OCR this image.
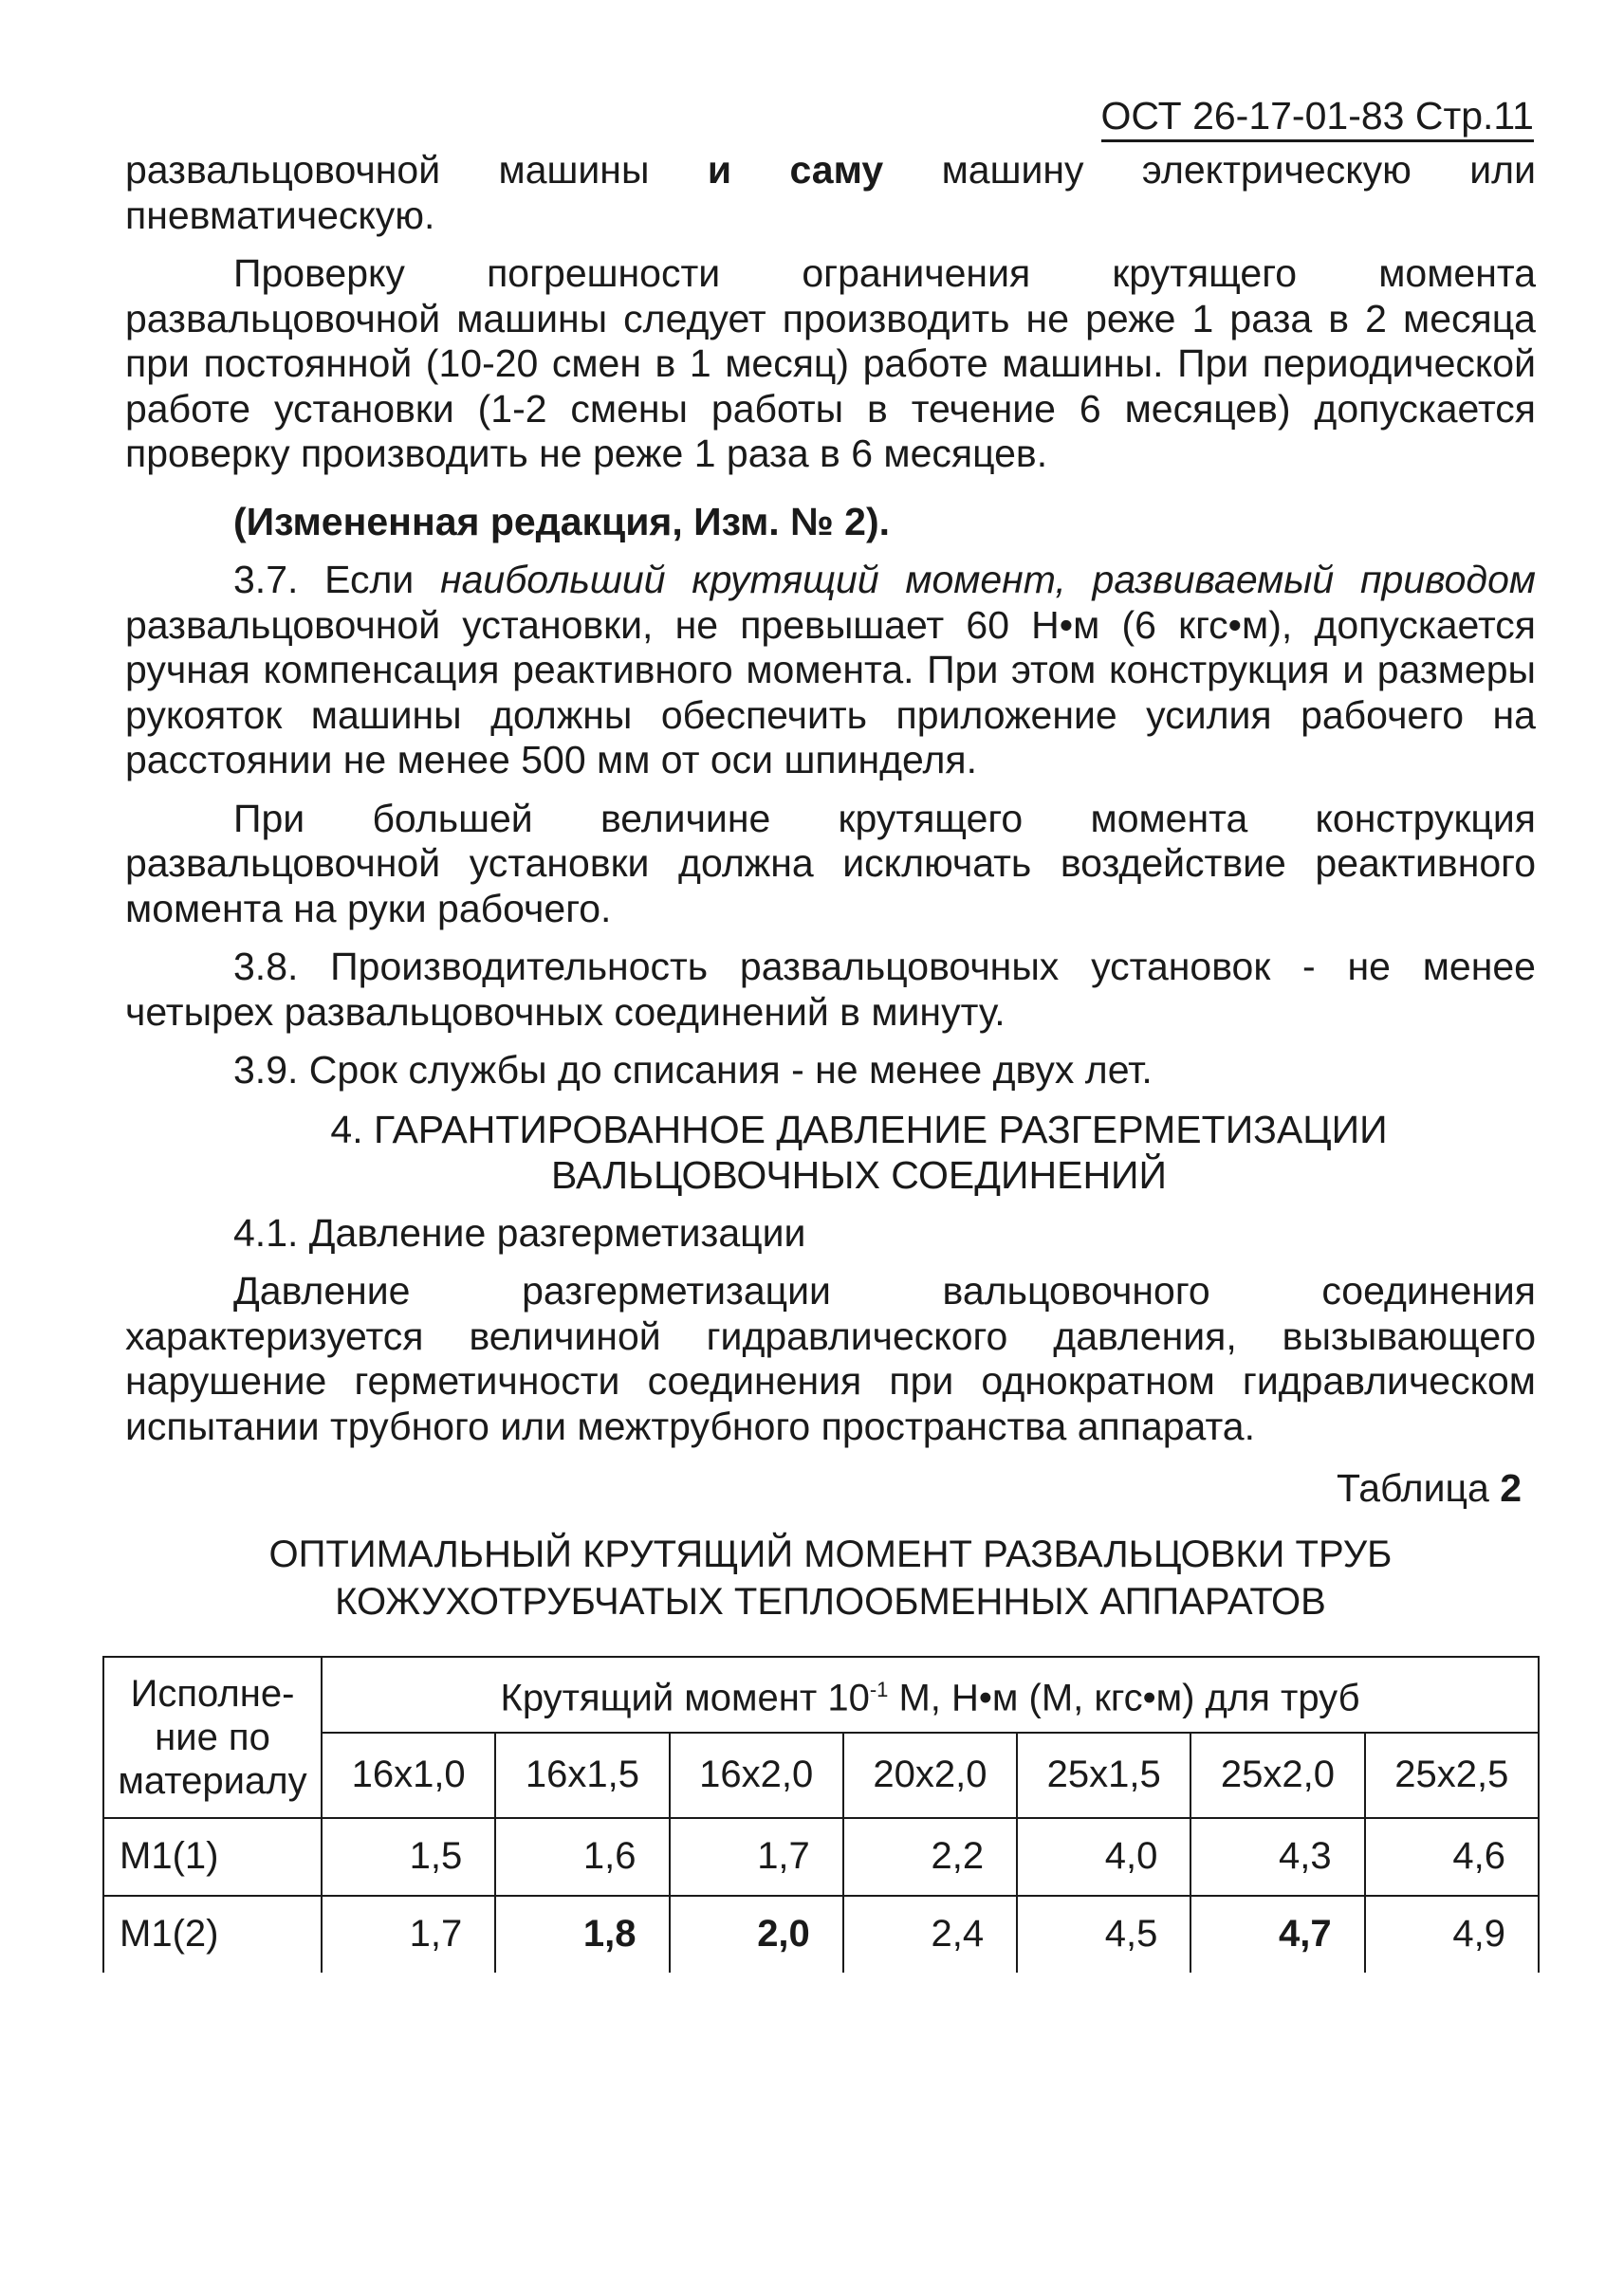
ОСТ 26-17-01-83 Стр.11

развальцовочной машины и саму машину электрическую или пневматическую.

Проверку погрешности ограничения крутящего момента развальцовочной машины следует производить не реже 1 раза в 2 месяца при постоянной (10-20 смен в 1 месяц) работе машины. При периодической работе установки (1-2 смены работы в течение 6 месяцев) допускается проверку производить не реже 1 раза в 6 месяцев.

(Измененная редакция, Изм. № 2).

3.7. Если наибольший крутящий момент, развиваемый приводом развальцовочной установки, не превышает 60 Н•м (6 кгс•м), допускается ручная компенсация реактивного момента. При этом конструкция и размеры рукояток машины должны обеспечить приложение усилия рабочего на расстоянии не менее 500 мм от оси шпинделя.

При большей величине крутящего момента конструкция развальцовочной установки должна исключать воздействие реактивного момента на руки рабочего.

3.8. Производительность развальцовочных установок - не менее четырех развальцовочных соединений в минуту.

3.9. Срок службы до списания - не менее двух лет.

4. ГАРАНТИРОВАННОЕ ДАВЛЕНИЕ РАЗГЕРМЕТИЗАЦИИ
ВАЛЬЦОВОЧНЫХ СОЕДИНЕНИЙ

4.1. Давление разгерметизации

Давление разгерметизации вальцовочного соединения характеризуется величиной гидравлического давления, вызывающего нарушение герметичности соединения при однократном гидравлическом испытании трубного или межтрубного пространства аппарата.

Таблица 2
ОПТИМАЛЬНЫЙ КРУТЯЩИЙ МОМЕНТ РАЗВАЛЬЦОВКИ ТРУБ
КОЖУХОТРУБЧАТЫХ ТЕПЛООБМЕННЫХ АППАРАТОВ
Исполне-
ние по
материалу	Крутящий момент $10^{-1}$ М, Н•м (М, кгс•м) для труб						
	16х1,0	16х1,5	16х2,0	20х2,0	25х1,5	25х2,0	25х2,5
М1(1)	1,5	1,6	1,7	2,2	4,0	4,3	4,6
М1(2)	1,7	1,8	2,0	2,4	4,5	4,7	4,9
